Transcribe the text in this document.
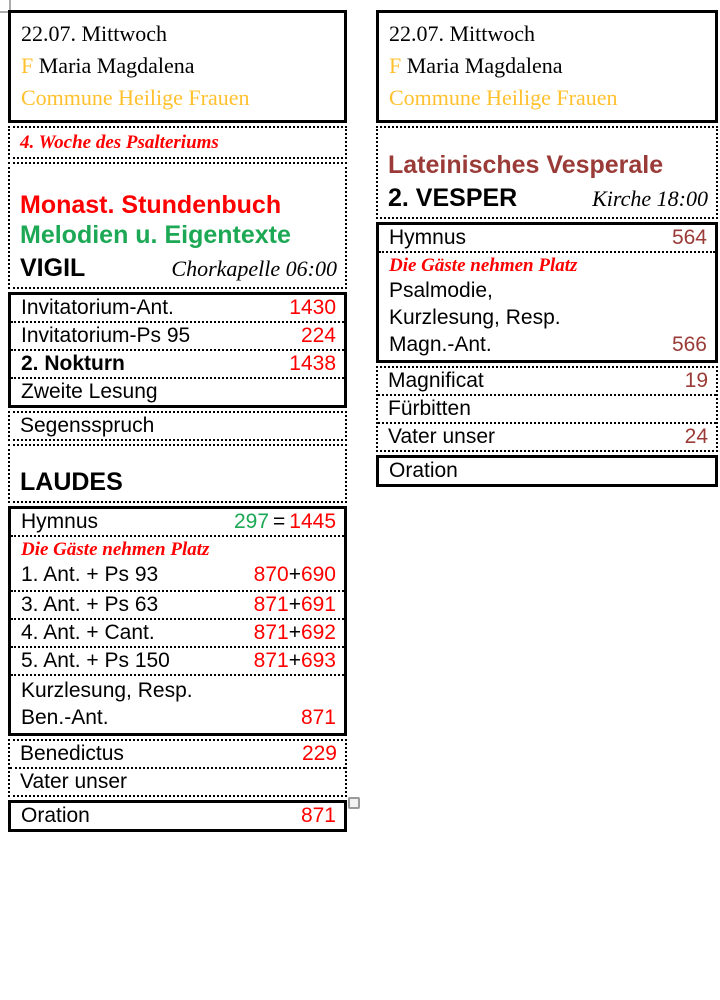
22.07. Mittwoch
F Maria Magdalena
Commune Heilige Frauen
4. Woche des Psalteriums
Monast. Stundenbuch
Melodien u. Eigentexte
VIGIL	Chorkapelle 06:00
Invitatorium-Ant.	1430
Invitatorium-Ps 95	224
2. Nokturn	1438
Zweite Lesung
Segensspruch
LAUDES
Hymnus	297 = 1445
Die Gäste nehmen Platz
1. Ant. + Ps 93	870+690
3. Ant. + Ps 63	871+691
4. Ant. + Cant.	871+692
5. Ant. + Ps 150	871+693
Kurzlesung, Resp.
Ben.-Ant.	871
Benedictus	229
Vater unser
Oration	871
22.07. Mittwoch
F Maria Magdalena
Commune Heilige Frauen
Lateinisches Vesperale
2. VESPER	Kirche 18:00
Hymnus	564
Die Gäste nehmen Platz
Psalmodie,
Kurzlesung, Resp.
Magn.-Ant.	566
Magnificat	19
Fürbitten
Vater unser	24
Oration
